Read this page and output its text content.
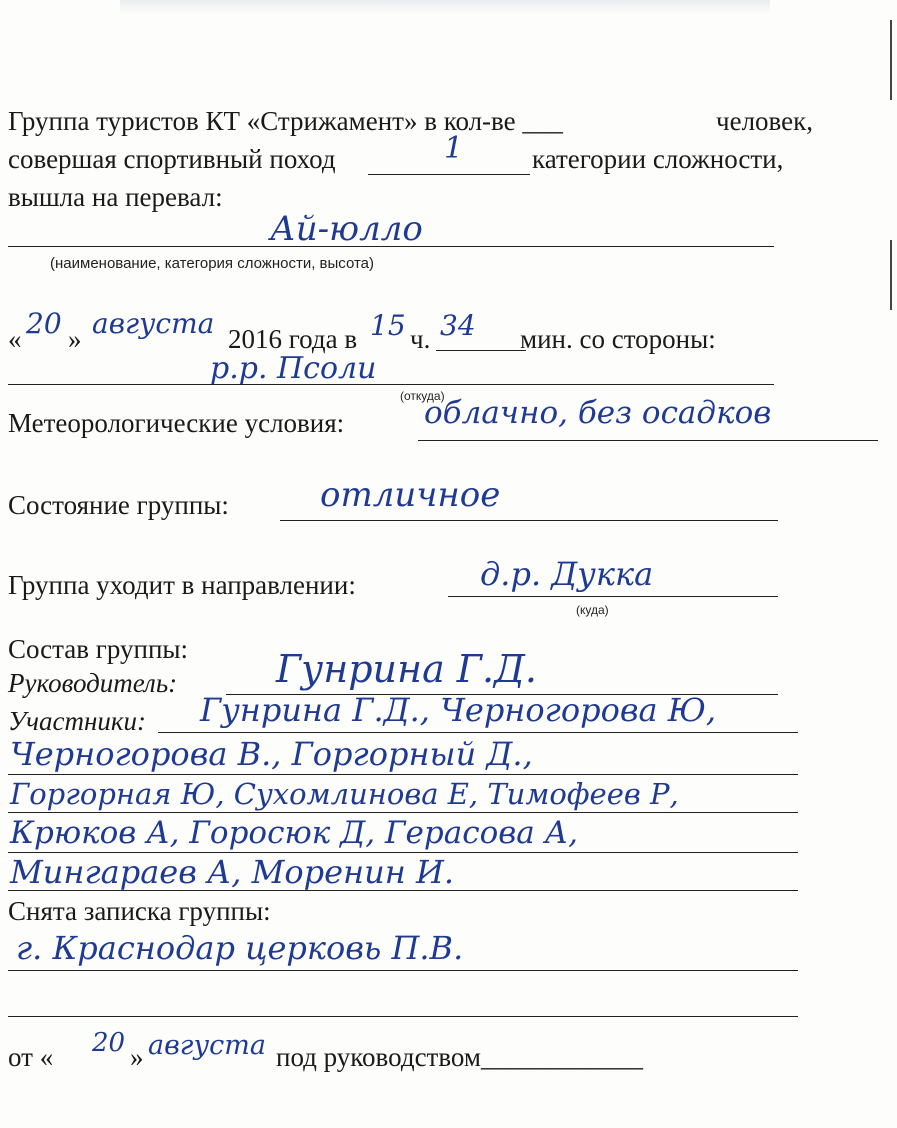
Группа туристов КТ «Стрижамент» в кол-ве ___	человек,
совершая спортивный поход	1	категории сложности,
вышла на перевал:
Ай-юлло
(наименование, категория сложности, высота)
« 20 » августа 2016 года в 15 ч. 34 мин. со стороны:
р.р. Псоли
(откуда)
Метеорологические условия:	облачно, без осадков
Состояние группы:	отличное
Группа уходит в направлении:	д.р. Дукка
(куда)
Состав группы:
Руководитель:	Гунрина Г.Д.
Участники: Гунрина Г.Д., Черногорова Ю,
Черногорова В., Горгорный Д.,
Горгорная Ю, Сухомлинова Е, Тимофеев Р,
Крюков А, Горосюк Д, Герасова А,
Мингараев А, Моренин И.
Снята записка группы:
г. Краснодар церковь П.В.
от « 20 » августа под руководством____________
